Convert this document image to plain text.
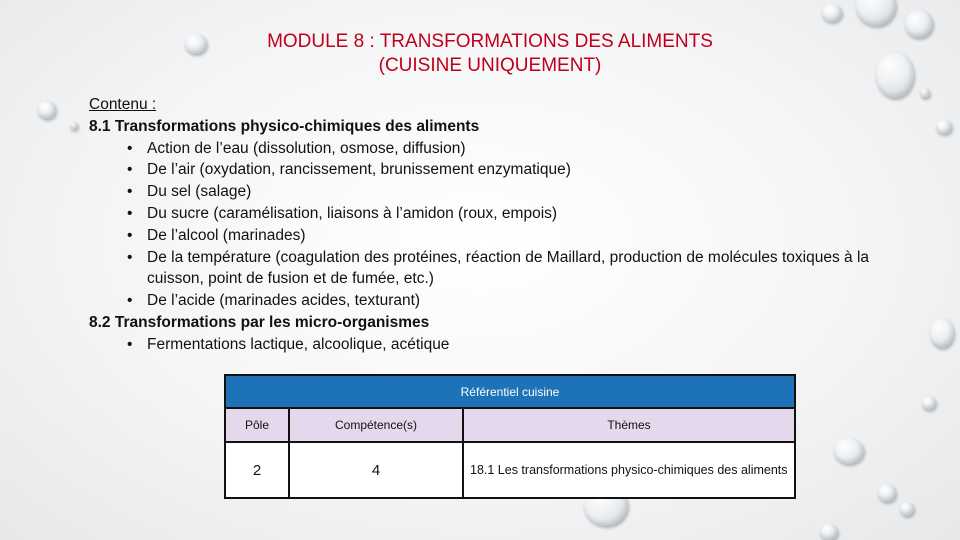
MODULE 8 : TRANSFORMATIONS DES ALIMENTS
(CUISINE UNIQUEMENT)
Contenu :
8.1 Transformations physico-chimiques des aliments
• Action de l’eau (dissolution, osmose, diffusion)
• De l’air (oxydation, rancissement, brunissement enzymatique)
• Du sel (salage)
• Du sucre (caramélisation, liaisons à l’amidon (roux, empois)
• De l’alcool (marinades)
• De la température (coagulation des protéines, réaction de Maillard, production de molécules toxiques à la cuisson, point de fusion et de fumée, etc.)
• De l’acide (marinades acides, texturant)
8.2 Transformations par les micro-organismes
• Fermentations lactique, alcoolique, acétique
Référentiel cuisine		
Pôle	Compétence(s)	Thèmes
2	4	18.1 Les transformations physico-chimiques des aliments
